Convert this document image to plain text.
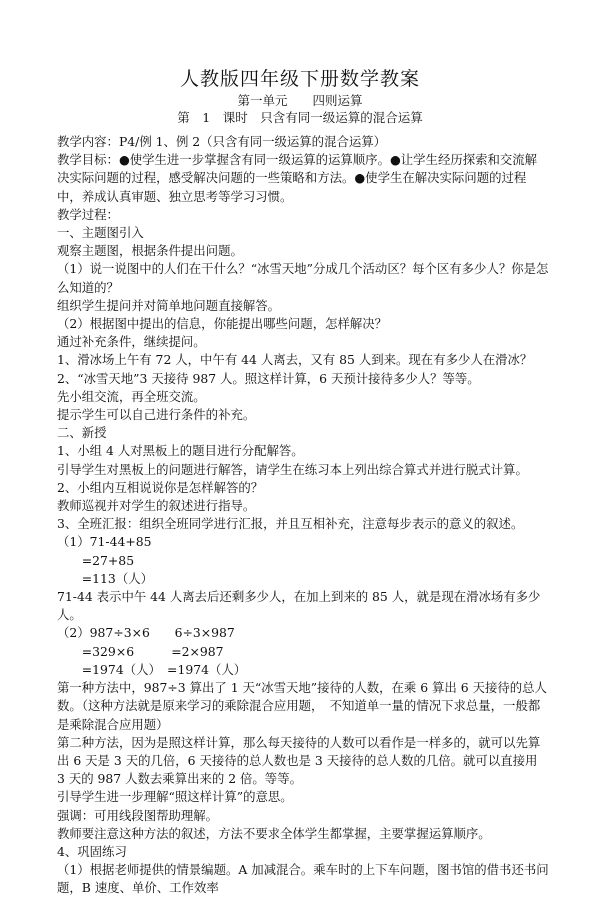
人教版四年级下册数学教案
第一单元　　四则运算
第　1　课时　只含有同一级运算的混合运算
教学内容：P4/例 1、例 2（只含有同一级运算的混合运算）
教学目标：●使学生进一步掌握含有同一级运算的运算顺序。●让学生经历探索和交流解决实际问题的过程，感受解决问题的一些策略和方法。●使学生在解决实际问题的过程中，养成认真审题、独立思考等学习习惯。
教学过程：
一、主题图引入
观察主题图，根据条件提出问题。
（1）说一说图中的人们在干什么？“冰雪天地”分成几个活动区？每个区有多少人？你是怎么知道的？
组织学生提问并对简单地问题直接解答。
（2）根据图中提出的信息，你能提出哪些问题，怎样解决？
通过补充条件，继续提问。
1、滑冰场上午有 72 人，中午有 44 人离去，又有 85 人到来。现在有多少人在滑冰？
2、“冰雪天地”3 天接待 987 人。照这样计算，6 天预计接待多少人？等等。
先小组交流，再全班交流。
提示学生可以自己进行条件的补充。
二、新授
1、小组 4 人对黑板上的题目进行分配解答。
引导学生对黑板上的问题进行解答，请学生在练习本上列出综合算式并进行脱式计算。
2、小组内互相说说你是怎样解答的？
教师巡视并对学生的叙述进行指导。
3、全班汇报：组织全班同学进行汇报，并且互相补充，注意每步表示的意义的叙述。
（1）71-44+85
　　=27+85
　　=113（人）
71-44 表示中午 44 人离去后还剩多少人，在加上到来的 85 人，就是现在滑冰场有多少人。
（2）987÷3×6　　6÷3×987
　　=329×6　　　=2×987
　　=1974（人）　=1974（人）
第一种方法中，987÷3 算出了 1 天“冰雪天地”接待的人数，在乘 6 算出 6 天接待的总人数。（这种方法就是原来学习的乘除混合应用题，　不知道单一量的情况下求总量，一般都是乘除混合应用题）
第二种方法，因为是照这样计算，那么每天接待的人数可以看作是一样多的，就可以先算出 6 天是 3 天的几倍，6 天接待的总人数也是 3 天接待的总人数的几倍。就可以直接用 3 天的 987 人数去乘算出来的 2 倍。等等。
引导学生进一步理解“照这样计算”的意思。
强调：可用线段图帮助理解。
教师要注意这种方法的叙述，方法不要求全体学生都掌握，主要掌握运算顺序。
4、巩固练习
（1）根据老师提供的情景编题。A 加减混合。乘车时的上下车问题，图书馆的借书还书问题，B 速度、单价、工作效率
